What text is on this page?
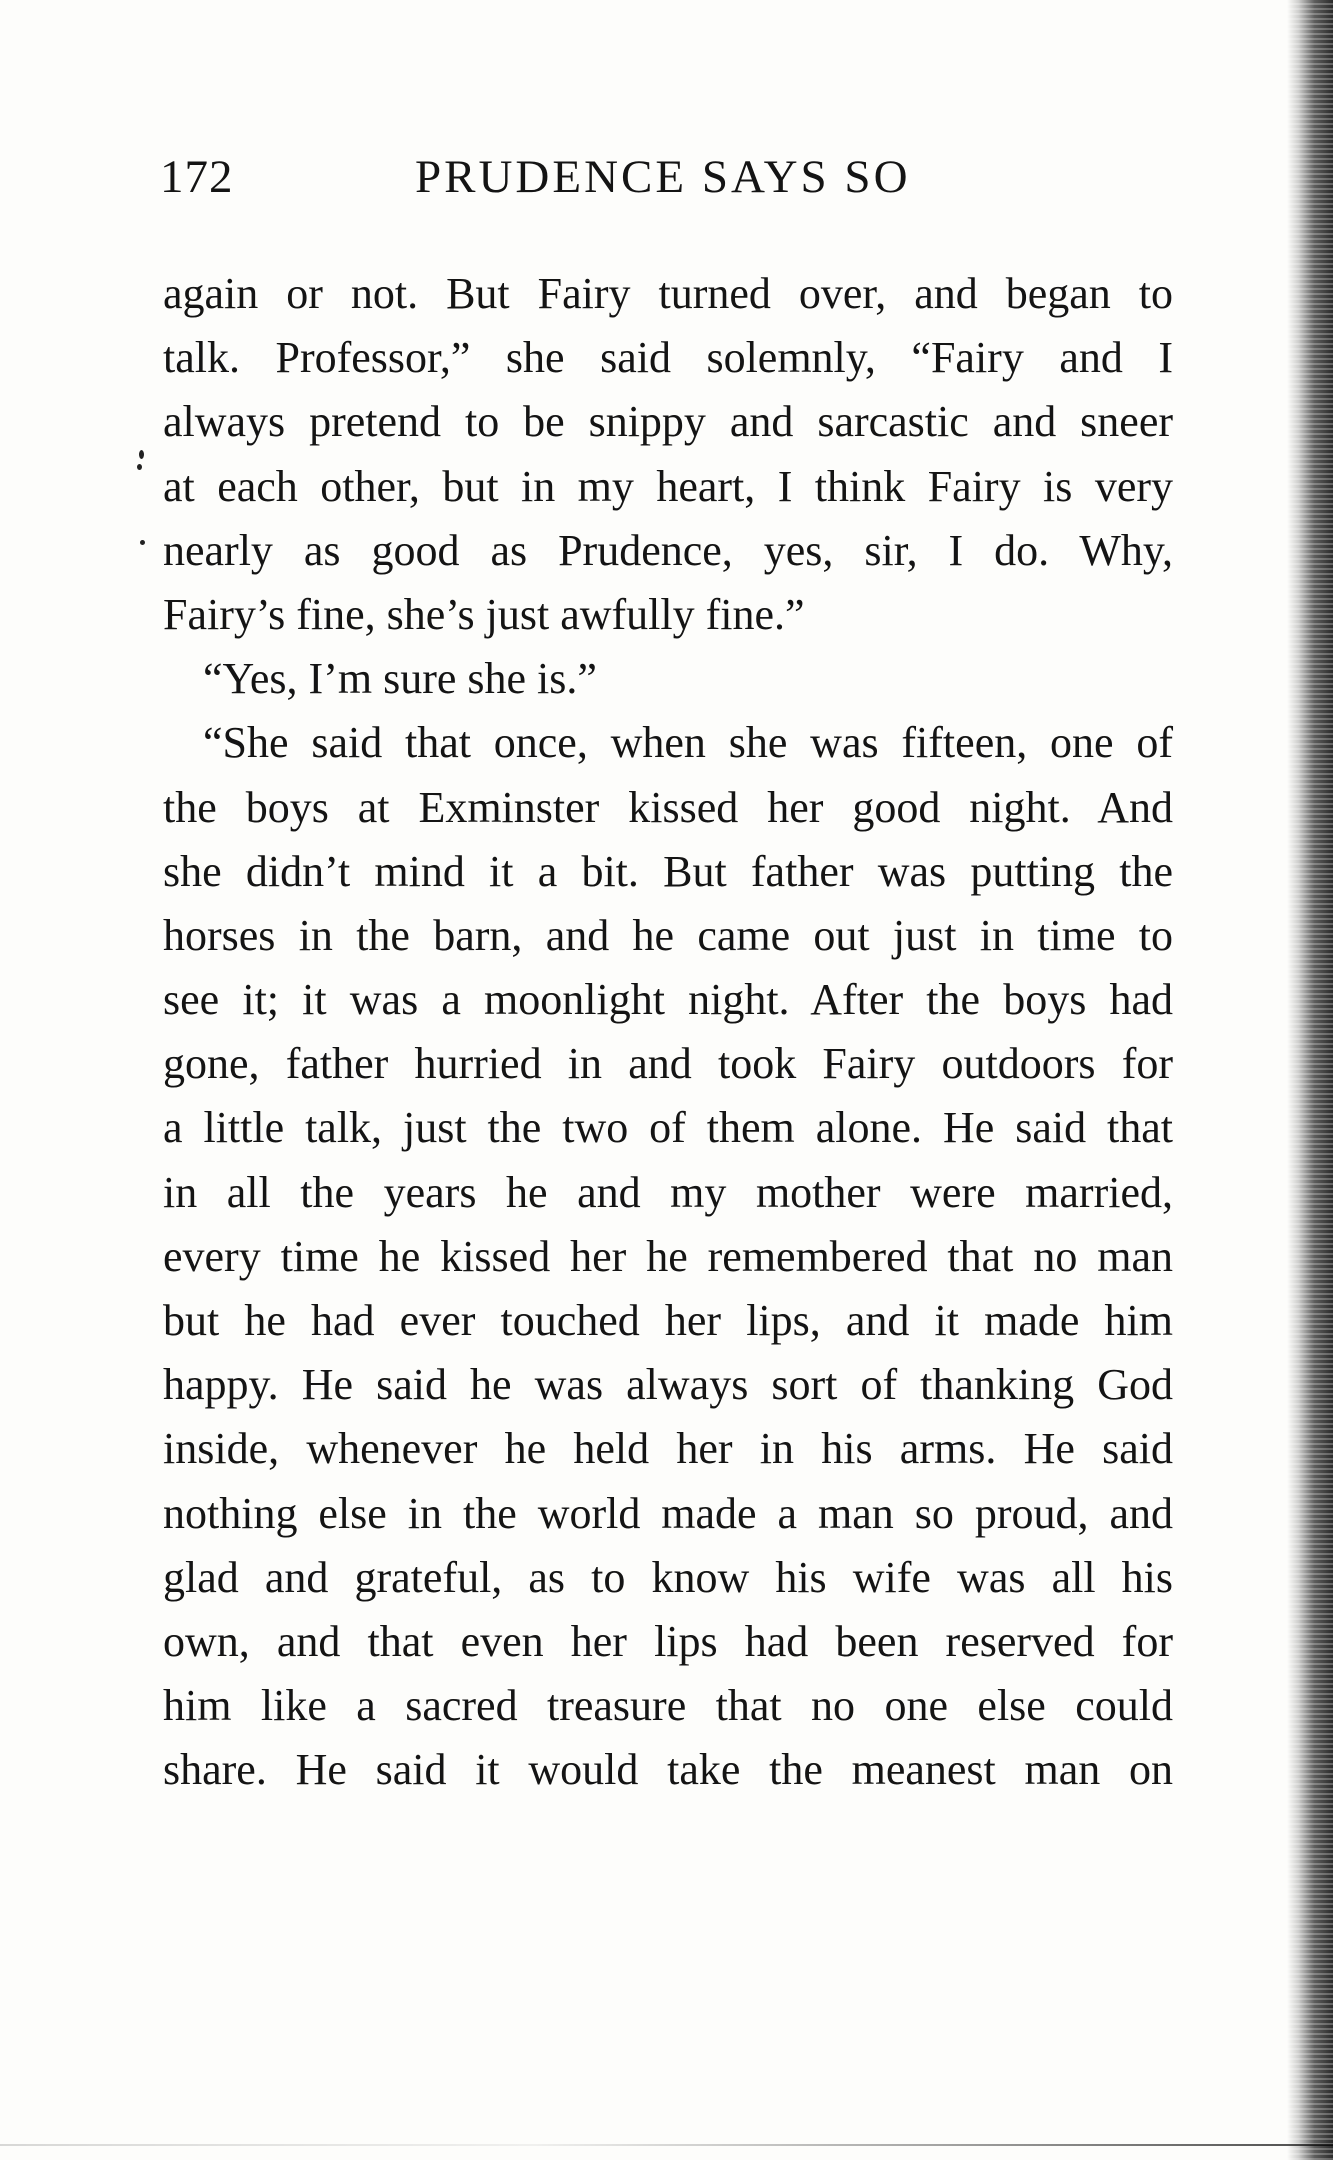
172	PRUDENCE SAYS SO
again or not. But Fairy turned over, and began to
talk. Professor,” she said solemnly, “Fairy and I
always pretend to be snippy and sarcastic and sneer
at each other, but in my heart, I think Fairy is very
nearly as good as Prudence, yes, sir, I do. Why,
Fairy’s fine, she’s just awfully fine.”
“Yes, I’m sure she is.”
“She said that once, when she was fifteen, one of
the boys at Exminster kissed her good night. And
she didn’t mind it a bit. But father was putting the
horses in the barn, and he came out just in time to
see it; it was a moonlight night. After the boys had
gone, father hurried in and took Fairy outdoors for
a little talk, just the two of them alone. He said that
in all the years he and my mother were married,
every time he kissed her he remembered that no man
but he had ever touched her lips, and it made him
happy. He said he was always sort of thanking God
inside, whenever he held her in his arms. He said
nothing else in the world made a man so proud, and
glad and grateful, as to know his wife was all his
own, and that even her lips had been reserved for
him like a sacred treasure that no one else could
share. He said it would take the meanest man on
